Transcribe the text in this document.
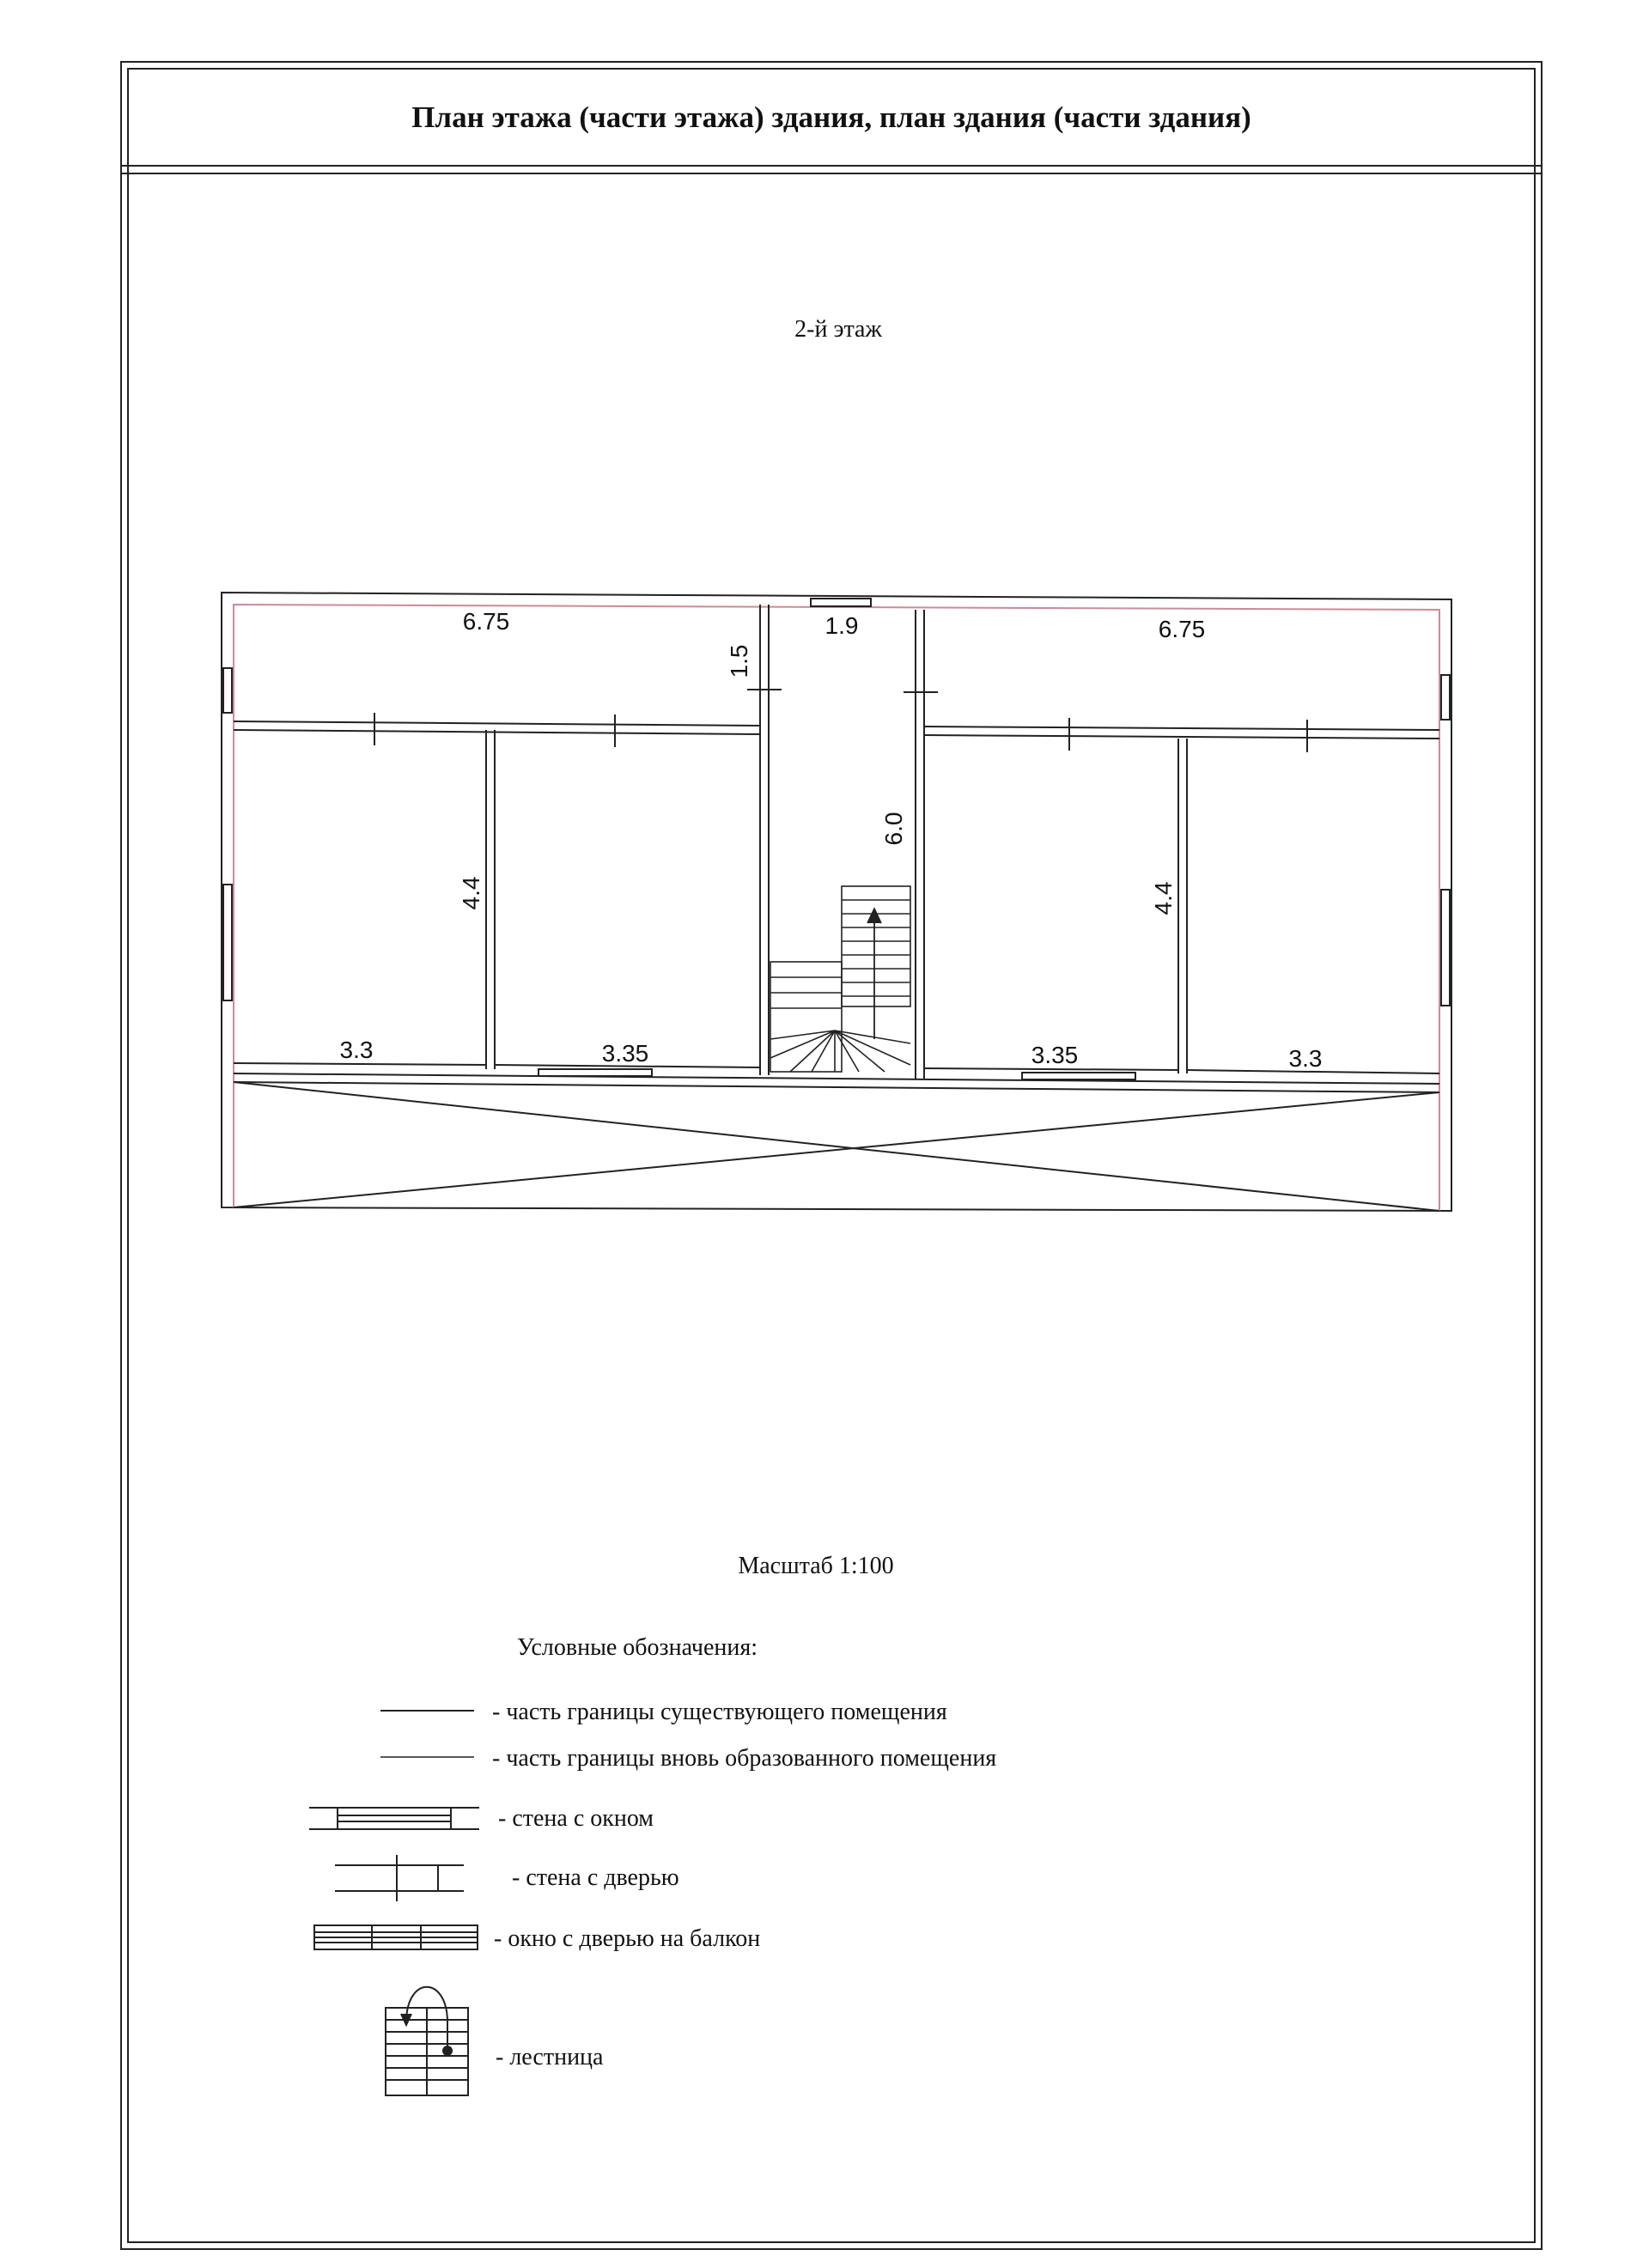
План этажа (части этажа) здания, план здания (части здания)
2-й этаж
6.75	1.9	6.75
1.5
6.0
4.4	4.4
3.3	3.35	3.35	3.3
Масштаб 1:100
Условные обозначения:
- часть границы существующего помещения
- часть границы вновь образованного помещения
- стена с окном
- стена с дверью
- окно с дверью на балкон
- лестница
